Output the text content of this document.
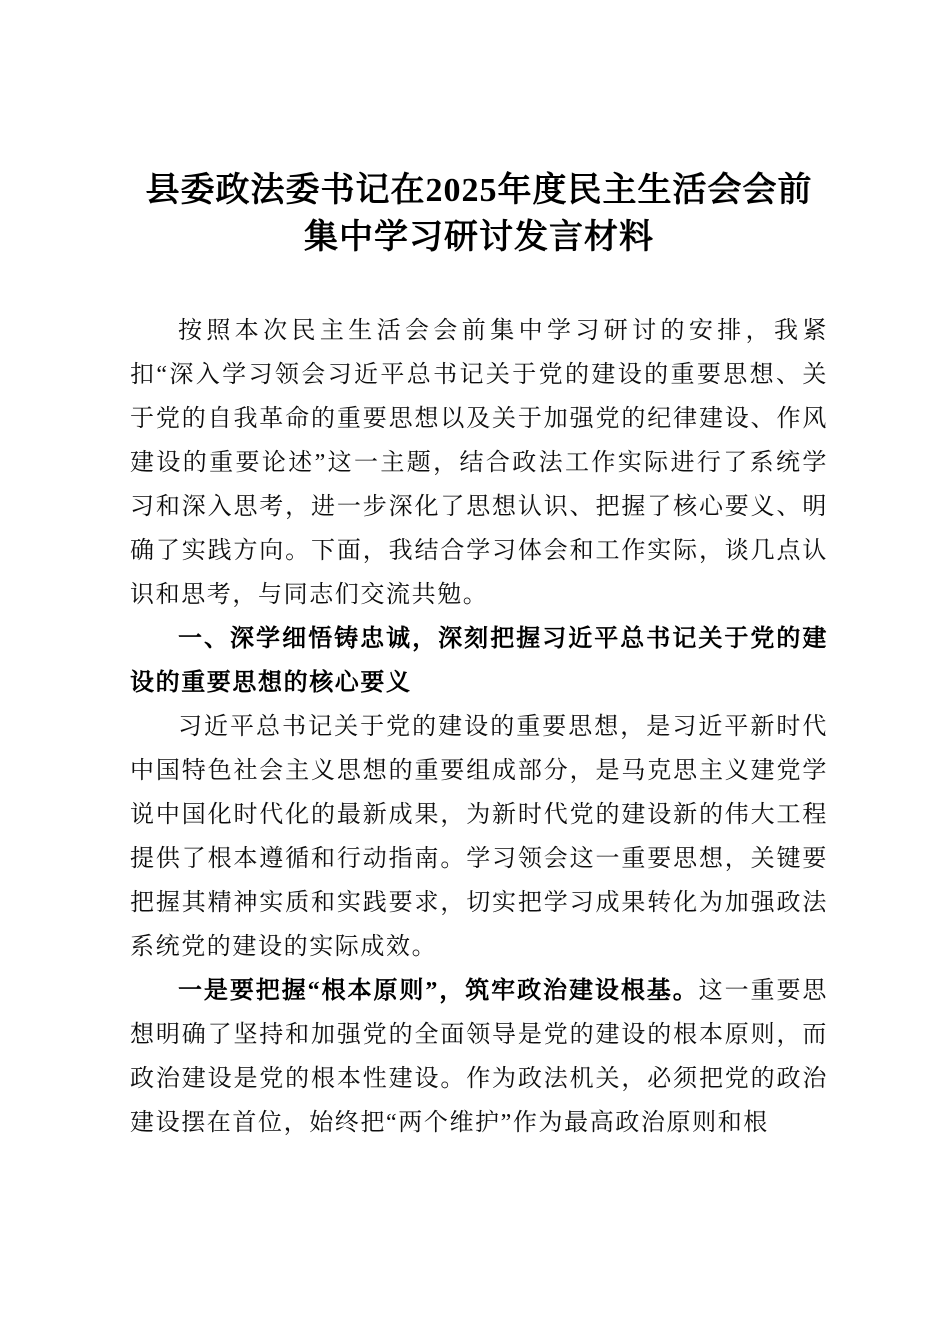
县委政法委书记在2025年度民主生活会会前
集中学习研讨发言材料

按照本次民主生活会会前集中学习研讨的安排，我紧扣“深入学习领会习近平总书记关于党的建设的重要思想、关于党的自我革命的重要思想以及关于加强党的纪律建设、作风建设的重要论述”这一主题，结合政法工作实际进行了系统学习和深入思考，进一步深化了思想认识、把握了核心要义、明确了实践方向。下面，我结合学习体会和工作实际，谈几点认识和思考，与同志们交流共勉。

一、深学细悟铸忠诚，深刻把握习近平总书记关于党的建设的重要思想的核心要义

习近平总书记关于党的建设的重要思想，是习近平新时代中国特色社会主义思想的重要组成部分，是马克思主义建党学说中国化时代化的最新成果，为新时代党的建设新的伟大工程提供了根本遵循和行动指南。学习领会这一重要思想，关键要把握其精神实质和实践要求，切实把学习成果转化为加强政法系统党的建设的实际成效。

一是要把握“根本原则”，筑牢政治建设根基。这一重要思想明确了坚持和加强党的全面领导是党的建设的根本原则，而政治建设是党的根本性建设。作为政法机关，必须把党的政治建设摆在首位，始终把“两个维护”作为最高政治原则和根
